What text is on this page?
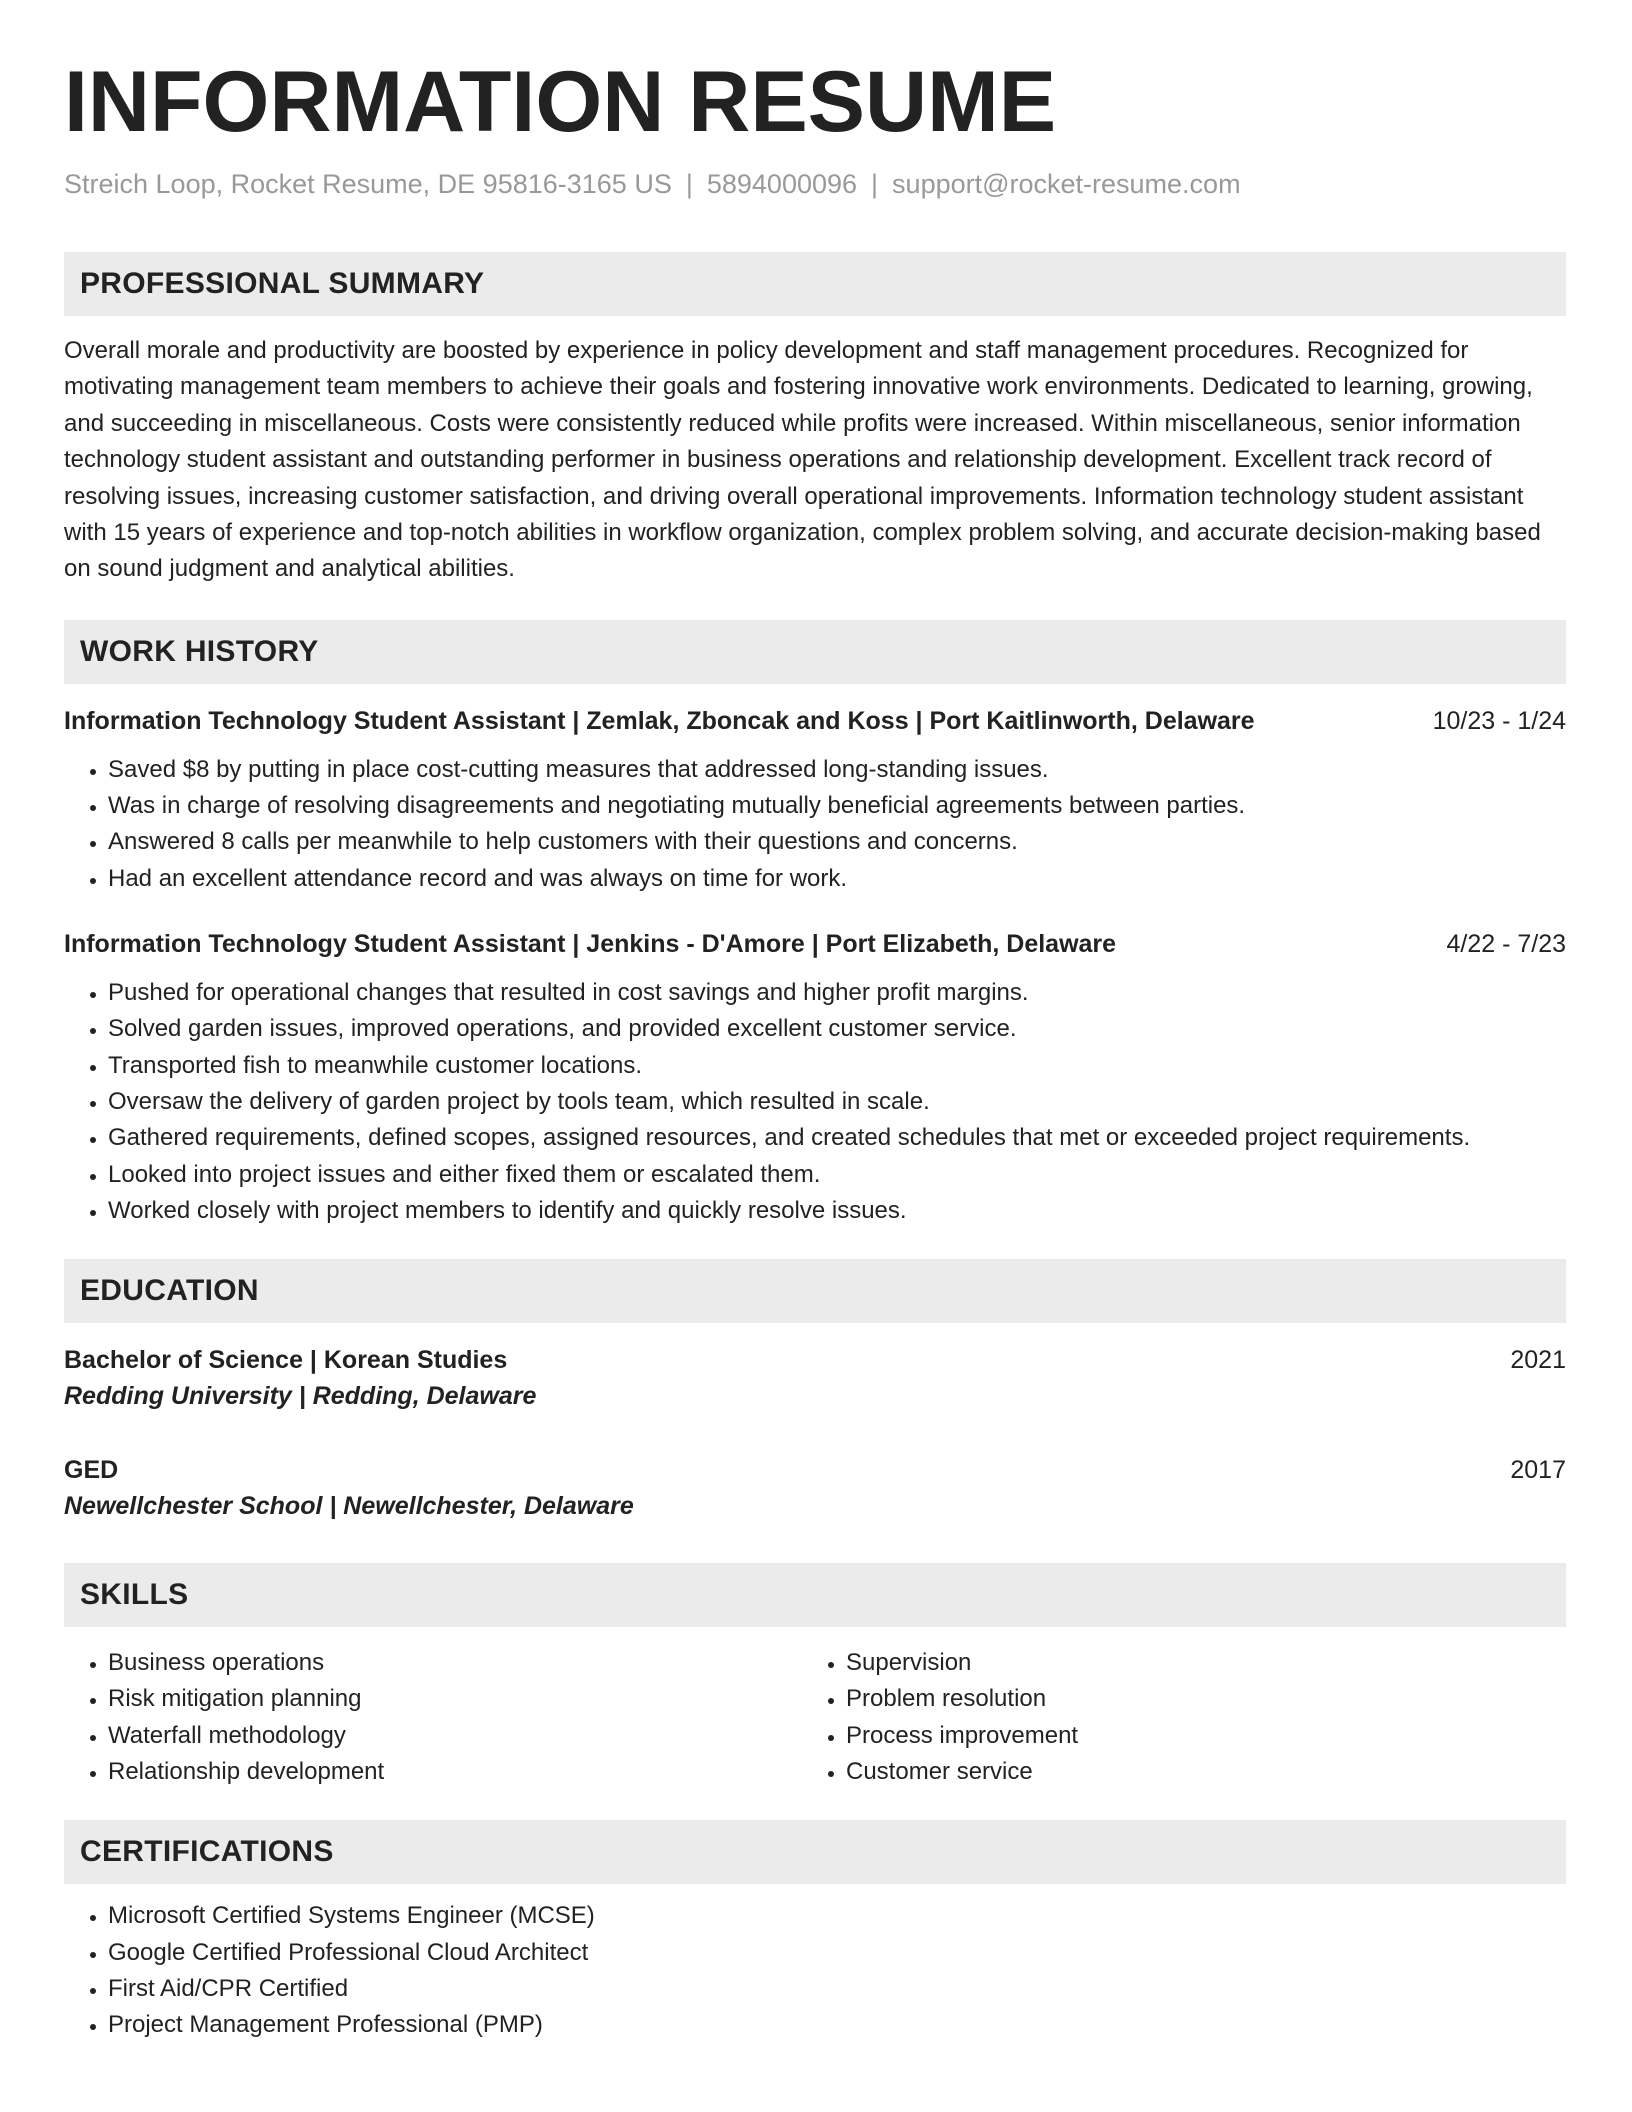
INFORMATION RESUME
Streich Loop, Rocket Resume, DE 95816-3165 US | 5894000096 | support@rocket-resume.com
PROFESSIONAL SUMMARY

Overall morale and productivity are boosted by experience in policy development and staff management procedures. Recognized for motivating management team members to achieve their goals and fostering innovative work environments. Dedicated to learning, growing, and succeeding in miscellaneous. Costs were consistently reduced while profits were increased. Within miscellaneous, senior information technology student assistant and outstanding performer in business operations and relationship development. Excellent track record of resolving issues, increasing customer satisfaction, and driving overall operational improvements. Information technology student assistant with 15 years of experience and top-notch abilities in workflow organization, complex problem solving, and accurate decision-making based on sound judgment and analytical abilities.

WORK HISTORY
Information Technology Student Assistant | Zemlak, Zboncak and Koss | Port Kaitlinworth, Delaware	10/23 - 1/24
• Saved $8 by putting in place cost-cutting measures that addressed long-standing issues.
• Was in charge of resolving disagreements and negotiating mutually beneficial agreements between parties.
• Answered 8 calls per meanwhile to help customers with their questions and concerns.
• Had an excellent attendance record and was always on time for work.
Information Technology Student Assistant | Jenkins - D'Amore | Port Elizabeth, Delaware	4/22 - 7/23
• Pushed for operational changes that resulted in cost savings and higher profit margins.
• Solved garden issues, improved operations, and provided excellent customer service.
• Transported fish to meanwhile customer locations.
• Oversaw the delivery of garden project by tools team, which resulted in scale.
• Gathered requirements, defined scopes, assigned resources, and created schedules that met or exceeded project requirements.
• Looked into project issues and either fixed them or escalated them.
• Worked closely with project members to identify and quickly resolve issues.
EDUCATION
Bachelor of Science | Korean Studies	2021
Redding University | Redding, Delaware
GED	2017
Newellchester School | Newellchester, Delaware
SKILLS
• Business operations
• Risk mitigation planning
• Waterfall methodology
• Relationship development
• Supervision
• Problem resolution
• Process improvement
• Customer service
CERTIFICATIONS
• Microsoft Certified Systems Engineer (MCSE)
• Google Certified Professional Cloud Architect
• First Aid/CPR Certified
• Project Management Professional (PMP)
